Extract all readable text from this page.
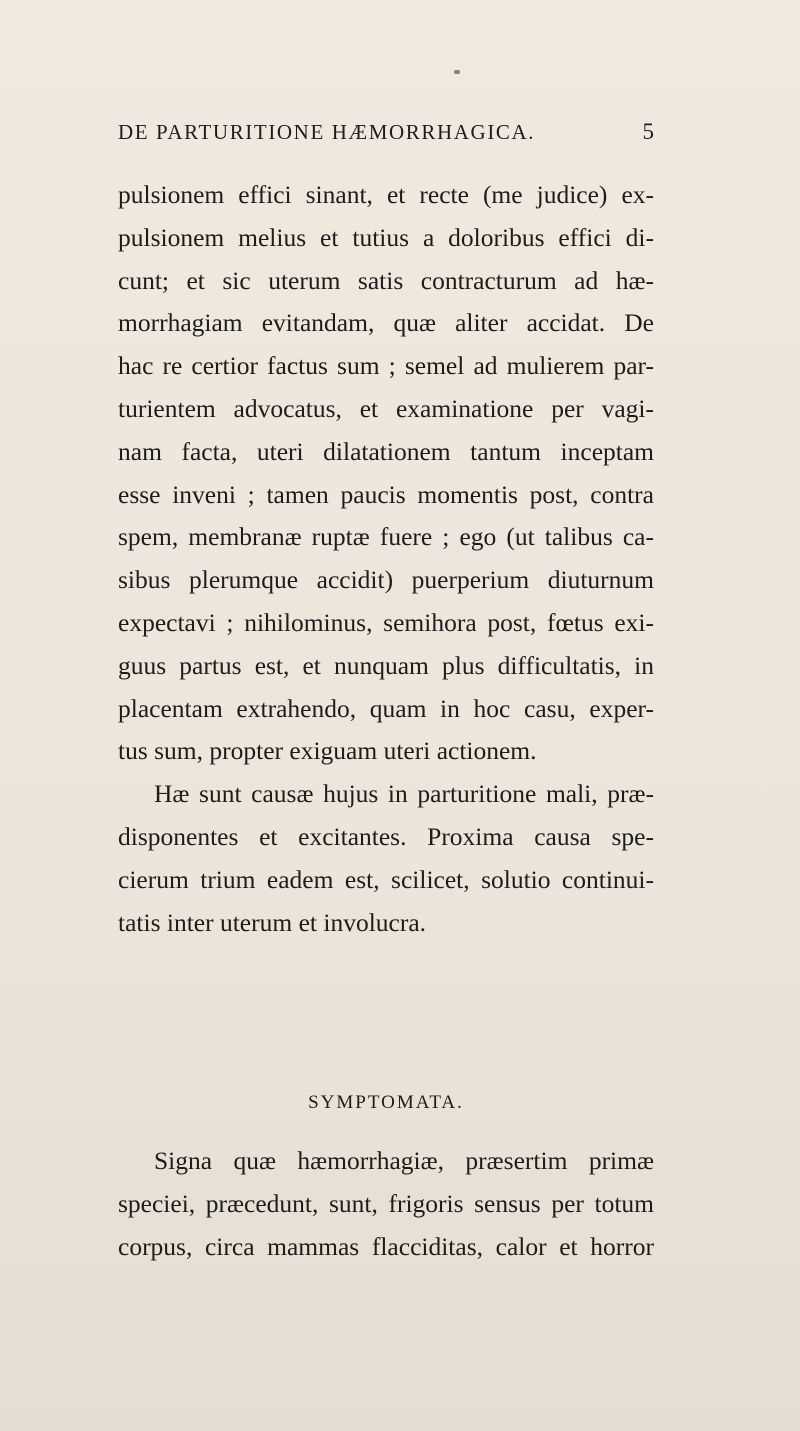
DE PARTURITIONE HÆMORRHAGICA.	5
pulsionem effici sinant, et recte (me judice) ex-
pulsionem melius et tutius a doloribus effici di-
cunt; et sic uterum satis contracturum ad hæ-
morrhagiam evitandam, quæ aliter accidat. De
hac re certior factus sum ; semel ad mulierem par-
turientem advocatus, et examinatione per vagi-
nam facta, uteri dilatationem tantum inceptam
esse inveni ; tamen paucis momentis post, contra
spem, membranæ ruptæ fuere ; ego (ut talibus ca-
sibus plerumque accidit) puerperium diuturnum
expectavi ; nihilominus, semihora post, fœtus exi-
guus partus est, et nunquam plus difficultatis, in
placentam extrahendo, quam in hoc casu, exper-
tus sum, propter exiguam uteri actionem.
Hæ sunt causæ hujus in parturitione mali, præ-
disponentes et excitantes. Proxima causa spe-
cierum trium eadem est, scilicet, solutio continui-
tatis inter uterum et involucra.
SYMPTOMATA.
Signa quæ hæmorrhagiæ, præsertim primæ
speciei, præcedunt, sunt, frigoris sensus per totum
corpus, circa mammas flacciditas, calor et horror
